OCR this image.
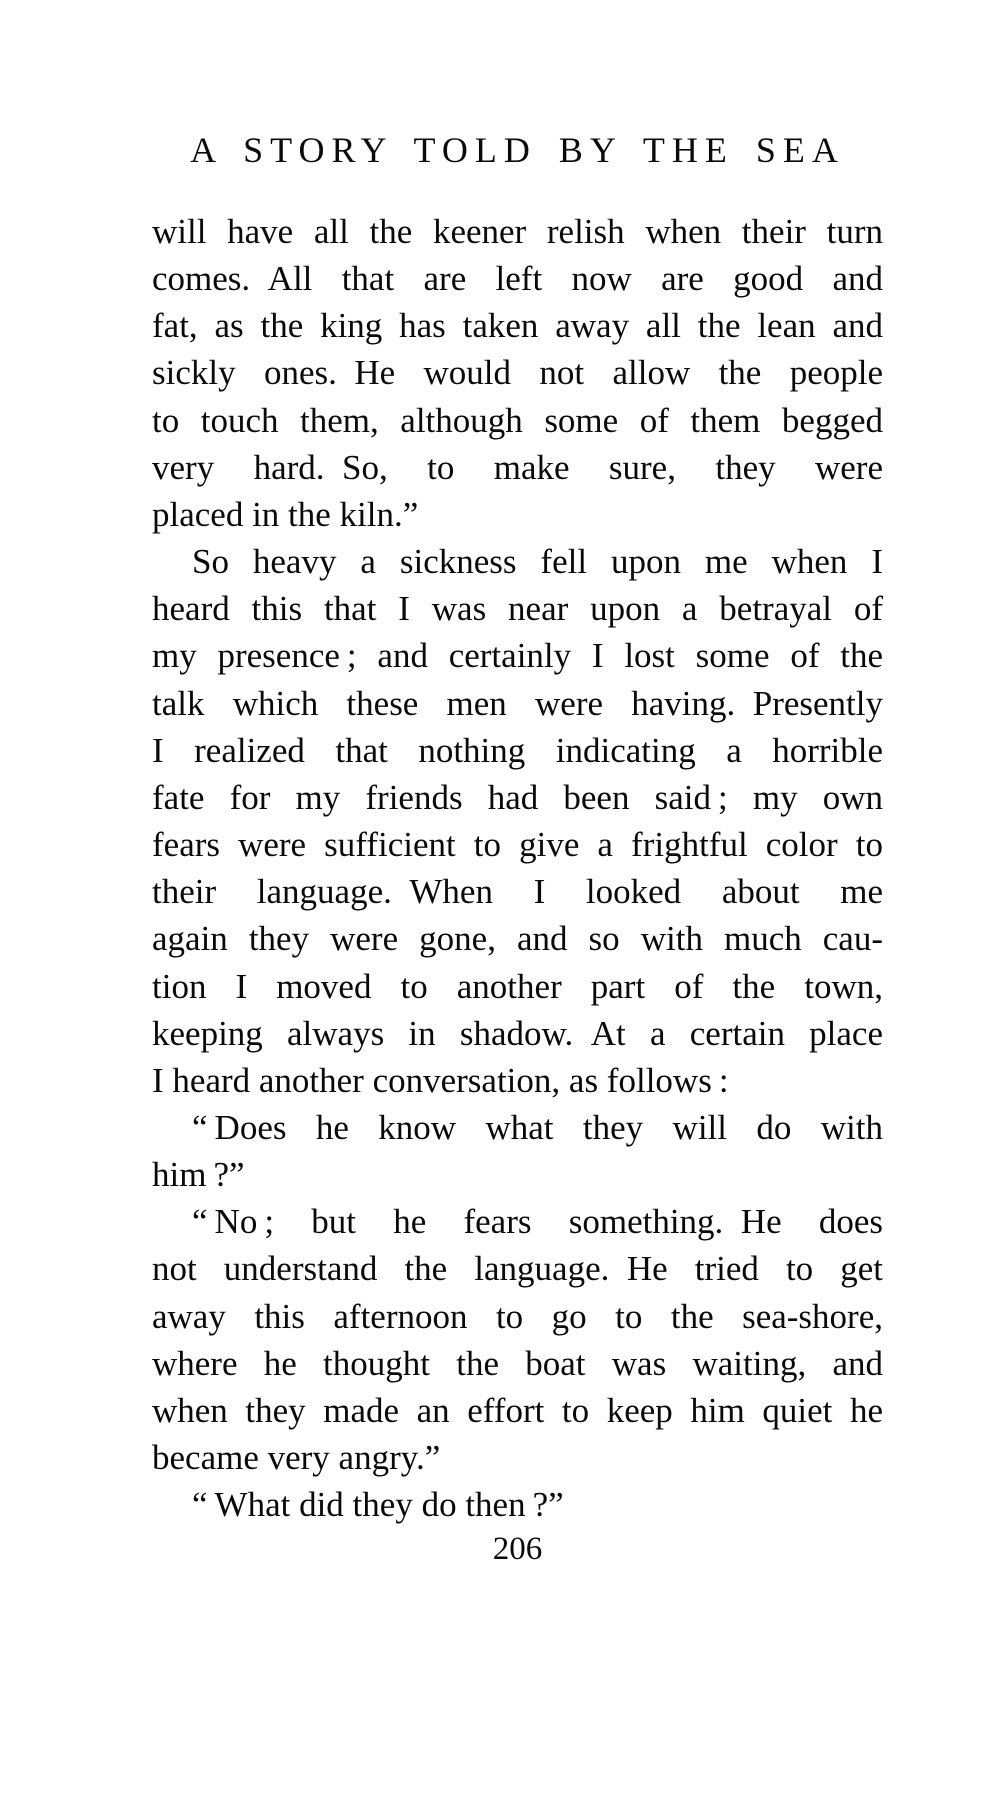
A STORY TOLD BY THE SEA
will have all the keener relish when their turn
comes. All that are left now are good and
fat, as the king has taken away all the lean and
sickly ones. He would not allow the people
to touch them, although some of them begged
very hard. So, to make sure, they were
placed in the kiln.”
So heavy a sickness fell upon me when I
heard this that I was near upon a betrayal of
my presence ; and certainly I lost some of the
talk which these men were having. Presently
I realized that nothing indicating a horrible
fate for my friends had been said ; my own
fears were sufficient to give a frightful color to
their language. When I looked about me
again they were gone, and so with much cau-
tion I moved to another part of the town,
keeping always in shadow. At a certain place
I heard another conversation, as follows :
“ Does he know what they will do with
him ?”
“ No ; but he fears something. He does
not understand the language. He tried to get
away this afternoon to go to the sea-shore,
where he thought the boat was waiting, and
when they made an effort to keep him quiet he
became very angry.”
“ What did they do then ?”
206
